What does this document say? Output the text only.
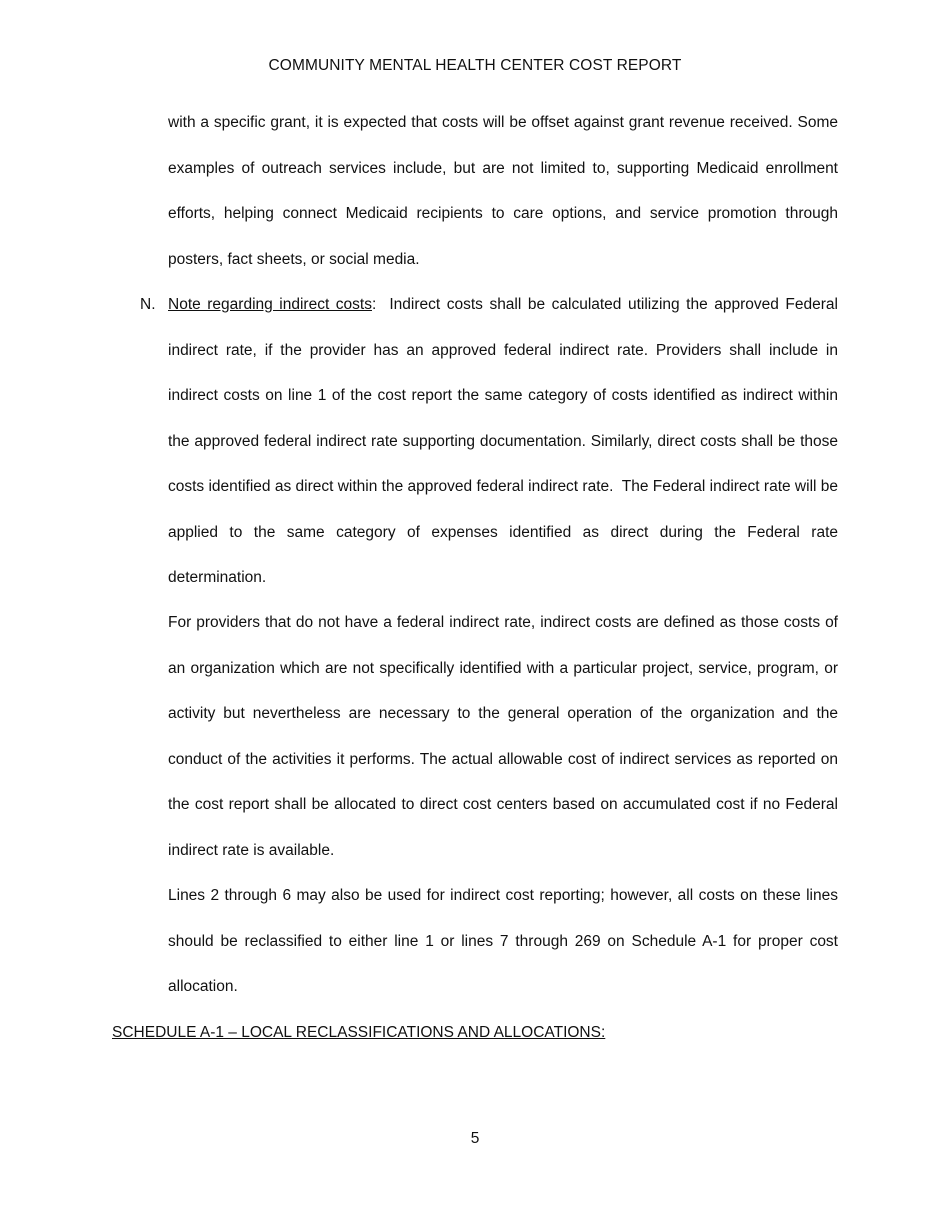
COMMUNITY MENTAL HEALTH CENTER COST REPORT
with a specific grant, it is expected that costs will be offset against grant revenue received. Some examples of outreach services include, but are not limited to, supporting Medicaid enrollment efforts, helping connect Medicaid recipients to care options, and service promotion through posters, fact sheets, or social media.
N. Note regarding indirect costs:  Indirect costs shall be calculated utilizing the approved Federal indirect rate, if the provider has an approved federal indirect rate. Providers shall include in indirect costs on line 1 of the cost report the same category of costs identified as indirect within the approved federal indirect rate supporting documentation. Similarly, direct costs shall be those costs identified as direct within the approved federal indirect rate.  The Federal indirect rate will be applied to the same category of expenses identified as direct during the Federal rate determination.
For providers that do not have a federal indirect rate, indirect costs are defined as those costs of an organization which are not specifically identified with a particular project, service, program, or activity but nevertheless are necessary to the general operation of the organization and the conduct of the activities it performs. The actual allowable cost of indirect services as reported on the cost report shall be allocated to direct cost centers based on accumulated cost if no Federal indirect rate is available.
Lines 2 through 6 may also be used for indirect cost reporting; however, all costs on these lines should be reclassified to either line 1 or lines 7 through 269 on Schedule A-1 for proper cost allocation.
SCHEDULE A-1 – LOCAL RECLASSIFICATIONS AND ALLOCATIONS:
5
